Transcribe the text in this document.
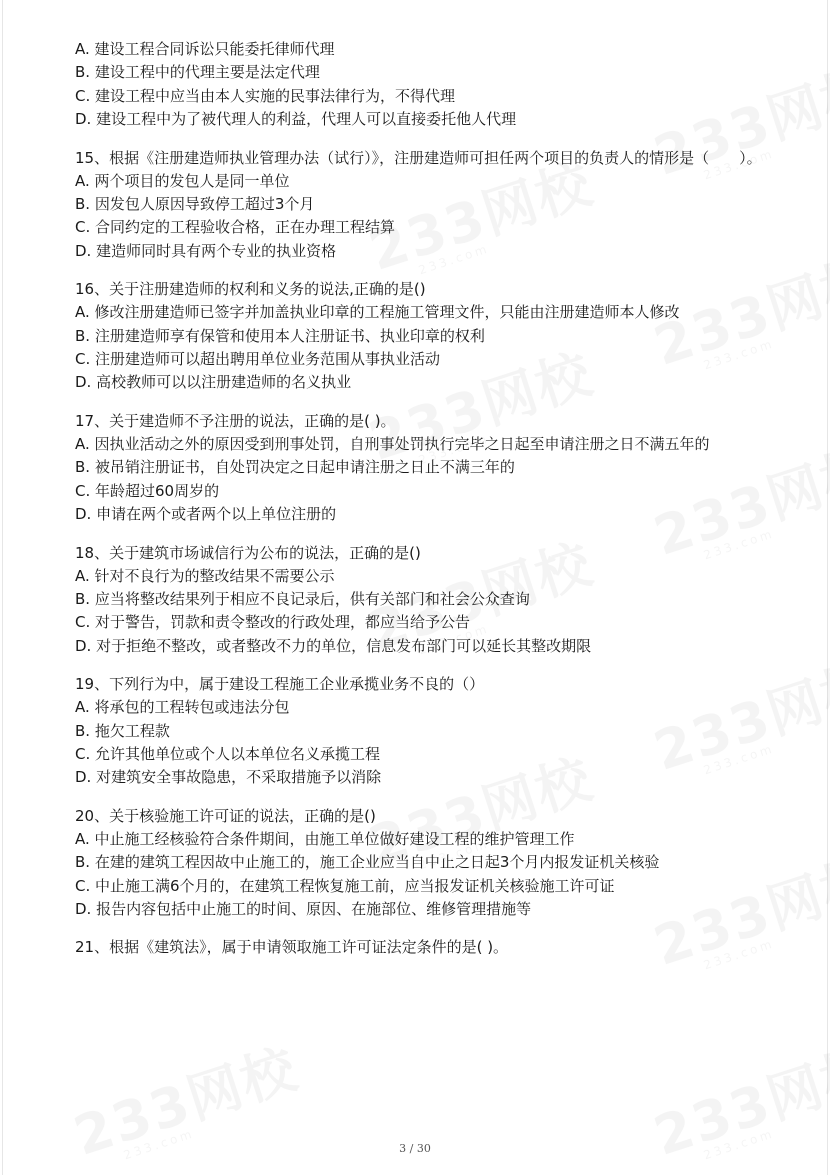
A. 建设工程合同诉讼只能委托律师代理
B. 建设工程中的代理主要是法定代理
C. 建设工程中应当由本人实施的民事法律行为，不得代理
D. 建设工程中为了被代理人的利益，代理人可以直接委托他人代理

15、根据《注册建造师执业管理办法（试行）》，注册建造师可担任两个项目的负责人的情形是（　　）。

A. 两个项目的发包人是同一单位
B. 因发包人原因导致停工超过3个月
C. 合同约定的工程验收合格，正在办理工程结算
D. 建造师同时具有两个专业的执业资格

16、关于注册建造师的权利和义务的说法,正确的是()

A. 修改注册建造师已签字并加盖执业印章的工程施工管理文件，只能由注册建造师本人修改
B. 注册建造师享有保管和使用本人注册证书、执业印章的权利
C. 注册建造师可以超出聘用单位业务范围从事执业活动
D. 高校教师可以以注册建造师的名义执业

17、关于建造师不予注册的说法，正确的是( )。

A. 因执业活动之外的原因受到刑事处罚，自刑事处罚执行完毕之日起至申请注册之日不满五年的
B. 被吊销注册证书，自处罚决定之日起申请注册之日止不满三年的
C. 年龄超过60周岁的
D. 申请在两个或者两个以上单位注册的

18、关于建筑市场诚信行为公布的说法，正确的是()

A. 针对不良行为的整改结果不需要公示
B. 应当将整改结果列于相应不良记录后，供有关部门和社会公众查询
C. 对于警告，罚款和责令整改的行政处理，都应当给予公告
D. 对于拒绝不整改，或者整改不力的单位，信息发布部门可以延长其整改期限

19、下列行为中，属于建设工程施工企业承揽业务不良的（）

A. 将承包的工程转包或违法分包
B. 拖欠工程款
C. 允许其他单位或个人以本单位名义承揽工程
D. 对建筑安全事故隐患，不采取措施予以消除

20、关于核验施工许可证的说法，正确的是()

A. 中止施工经核验符合条件期间，由施工单位做好建设工程的维护管理工作
B. 在建的建筑工程因故中止施工的，施工企业应当自中止之日起3个月内报发证机关核验
C. 中止施工满6个月的，在建筑工程恢复施工前，应当报发证机关核验施工许可证
D. 报告内容包括中止施工的时间、原因、在施部位、维修管理措施等

21、根据《建筑法》，属于申请领取施工许可证法定条件的是( )。

3 / 30
